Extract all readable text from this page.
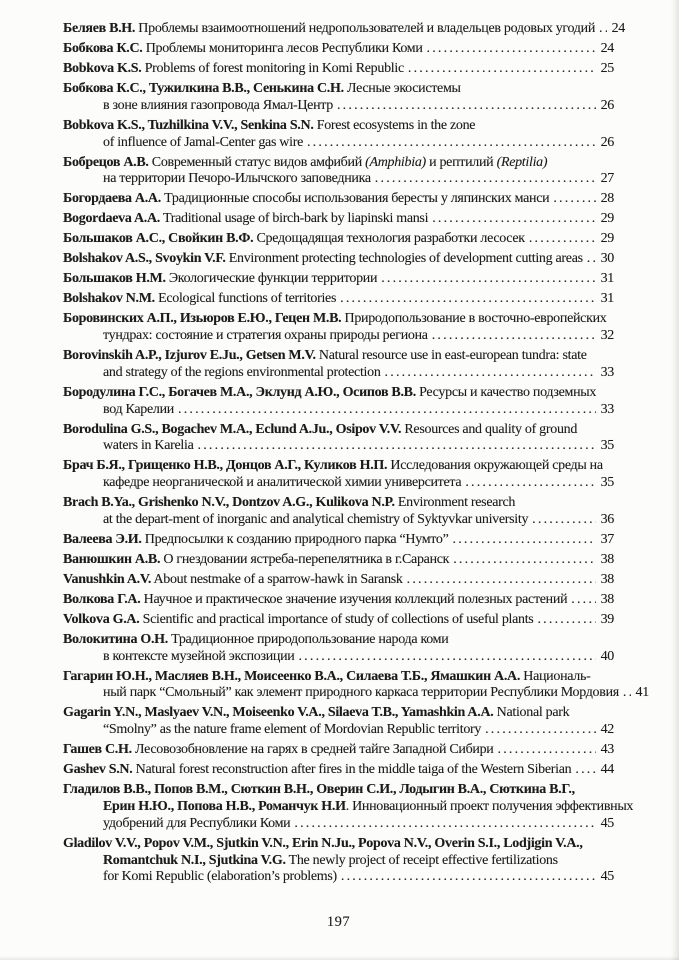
Беляев В.Н. Проблемы взаимоотношений недропользователей и владельцев родовых угодий ..... 24
Бобкова К.С. Проблемы мониторинга лесов Республики Коми .....	24
Bobkova K.S. Problems of forest monitoring in Komi Republic .....	25
Бобкова К.С., Тужилкина В.В., Сенькина С.Н. Лесные экосистемы
в зоне влияния газопровода Ямал-Центр .....	26
Bobkova K.S., Tuzhilkina V.V., Senkina S.N. Forest ecosystems in the zone
of influence of Jamal-Center gas wire .....	26
Бобрецов А.В. Современный статус видов амфибий (Amphibia) и рептилий (Reptilia)
на территории Печоро-Илычского заповедника .....	27
Богордаева А.А. Традиционные способы использования бересты у ляпинских манси .....	28
Bogordaeva A.A. Traditional usage of birch-bark by liapinski mansi .....	29
Большаков А.С., Свойкин В.Ф. Средощадящая технология разработки лесосек .....	29
Bolshakov A.S., Svoykin V.F. Environment protecting technologies of development cutting areas ..... 30
Большаков Н.М. Экологические функции территории .....	31
Bolshakov N.M. Ecological functions of territories .....	31
Боровинских А.П., Изьюров Е.Ю., Гецен М.В. Природопользование в восточно-европейских
тундрах: состояние и стратегия охраны природы региона .....	32
Borovinskih A.P., Izjurov E.Ju., Getsen M.V. Natural resource use in east-european tundra: state
and strategy of the regions environmental protection .....	33
Бородулина Г.С., Богачев М.А., Эклунд А.Ю., Осипов В.В. Ресурсы и качество подземных
вод Карелии .....	33
Borodulina G.S., Bogachev M.A., Eclund A.Ju., Osipov V.V. Resources and quality of ground
waters in Karelia .....	35
Брач Б.Я., Грищенко Н.В., Донцов А.Г., Куликов Н.П. Исследования окружающей среды на
кафедре неорганической и аналитической химии университета .....	35
Brach B.Ya., Grishenko N.V., Dontzov A.G., Kulikova N.P. Environment research
at the depart-ment of inorganic and analytical chemistry of Syktyvkar university .....	36
Валеева Э.И. Предпосылки к созданию природного парка “Нумто” .....	37
Ванюшкин А.В. О гнездовании ястреба-перепелятника в г.Саранск .....	38
Vanushkin A.V. About nestmake of a sparrow-hawk in Saransk .....	38
Волкова Г.А. Научное и практическое значение изучения коллекций полезных растений ..... 38
Volkova G.A. Scientific and practical importance of study of collections of useful plants .....	39
Волокитина О.Н. Традиционное природопользование народа коми
в контексте музейной экспозиции .....	40
Гагарин Ю.Н., Масляев В.Н., Моисеенко В.А., Силаева Т.Б., Ямашкин А.А. Националь-
ный парк “Смольный” как элемент природного каркаса территории Республики Мордовия ..... 41
Gagarin Y.N., Maslyaev V.N., Moiseenko V.A., Silaeva T.B., Yamashkin A.A. National park
“Smolny” as the nature frame element of Mordovian Republic territory .....	42
Гашев С.Н. Лесовозобновление на гарях в средней тайге Западной Сибири .....	43
Gashev S.N. Natural forest reconstruction after fires in the middle taiga of the Western Siberian ..... 44
Гладилов В.В., Попов В.М., Сюткин В.Н., Оверин С.И., Лодыгин В.А., Сюткина В.Г.,
Ерин Н.Ю., Попова Н.В., Романчук Н.И. Инновационный проект получения эффективных
удобрений для Республики Коми .....	45
Gladilov V.V., Popov V.M., Sjutkin V.N., Erin N.Ju., Popova N.V., Overin S.I., Lodjigin V.A.,
Romantchuk N.I., Sjutkina V.G. The newly project of receipt effective fertilizations
for Komi Republic (elaboration’s problems) .....	45
197
